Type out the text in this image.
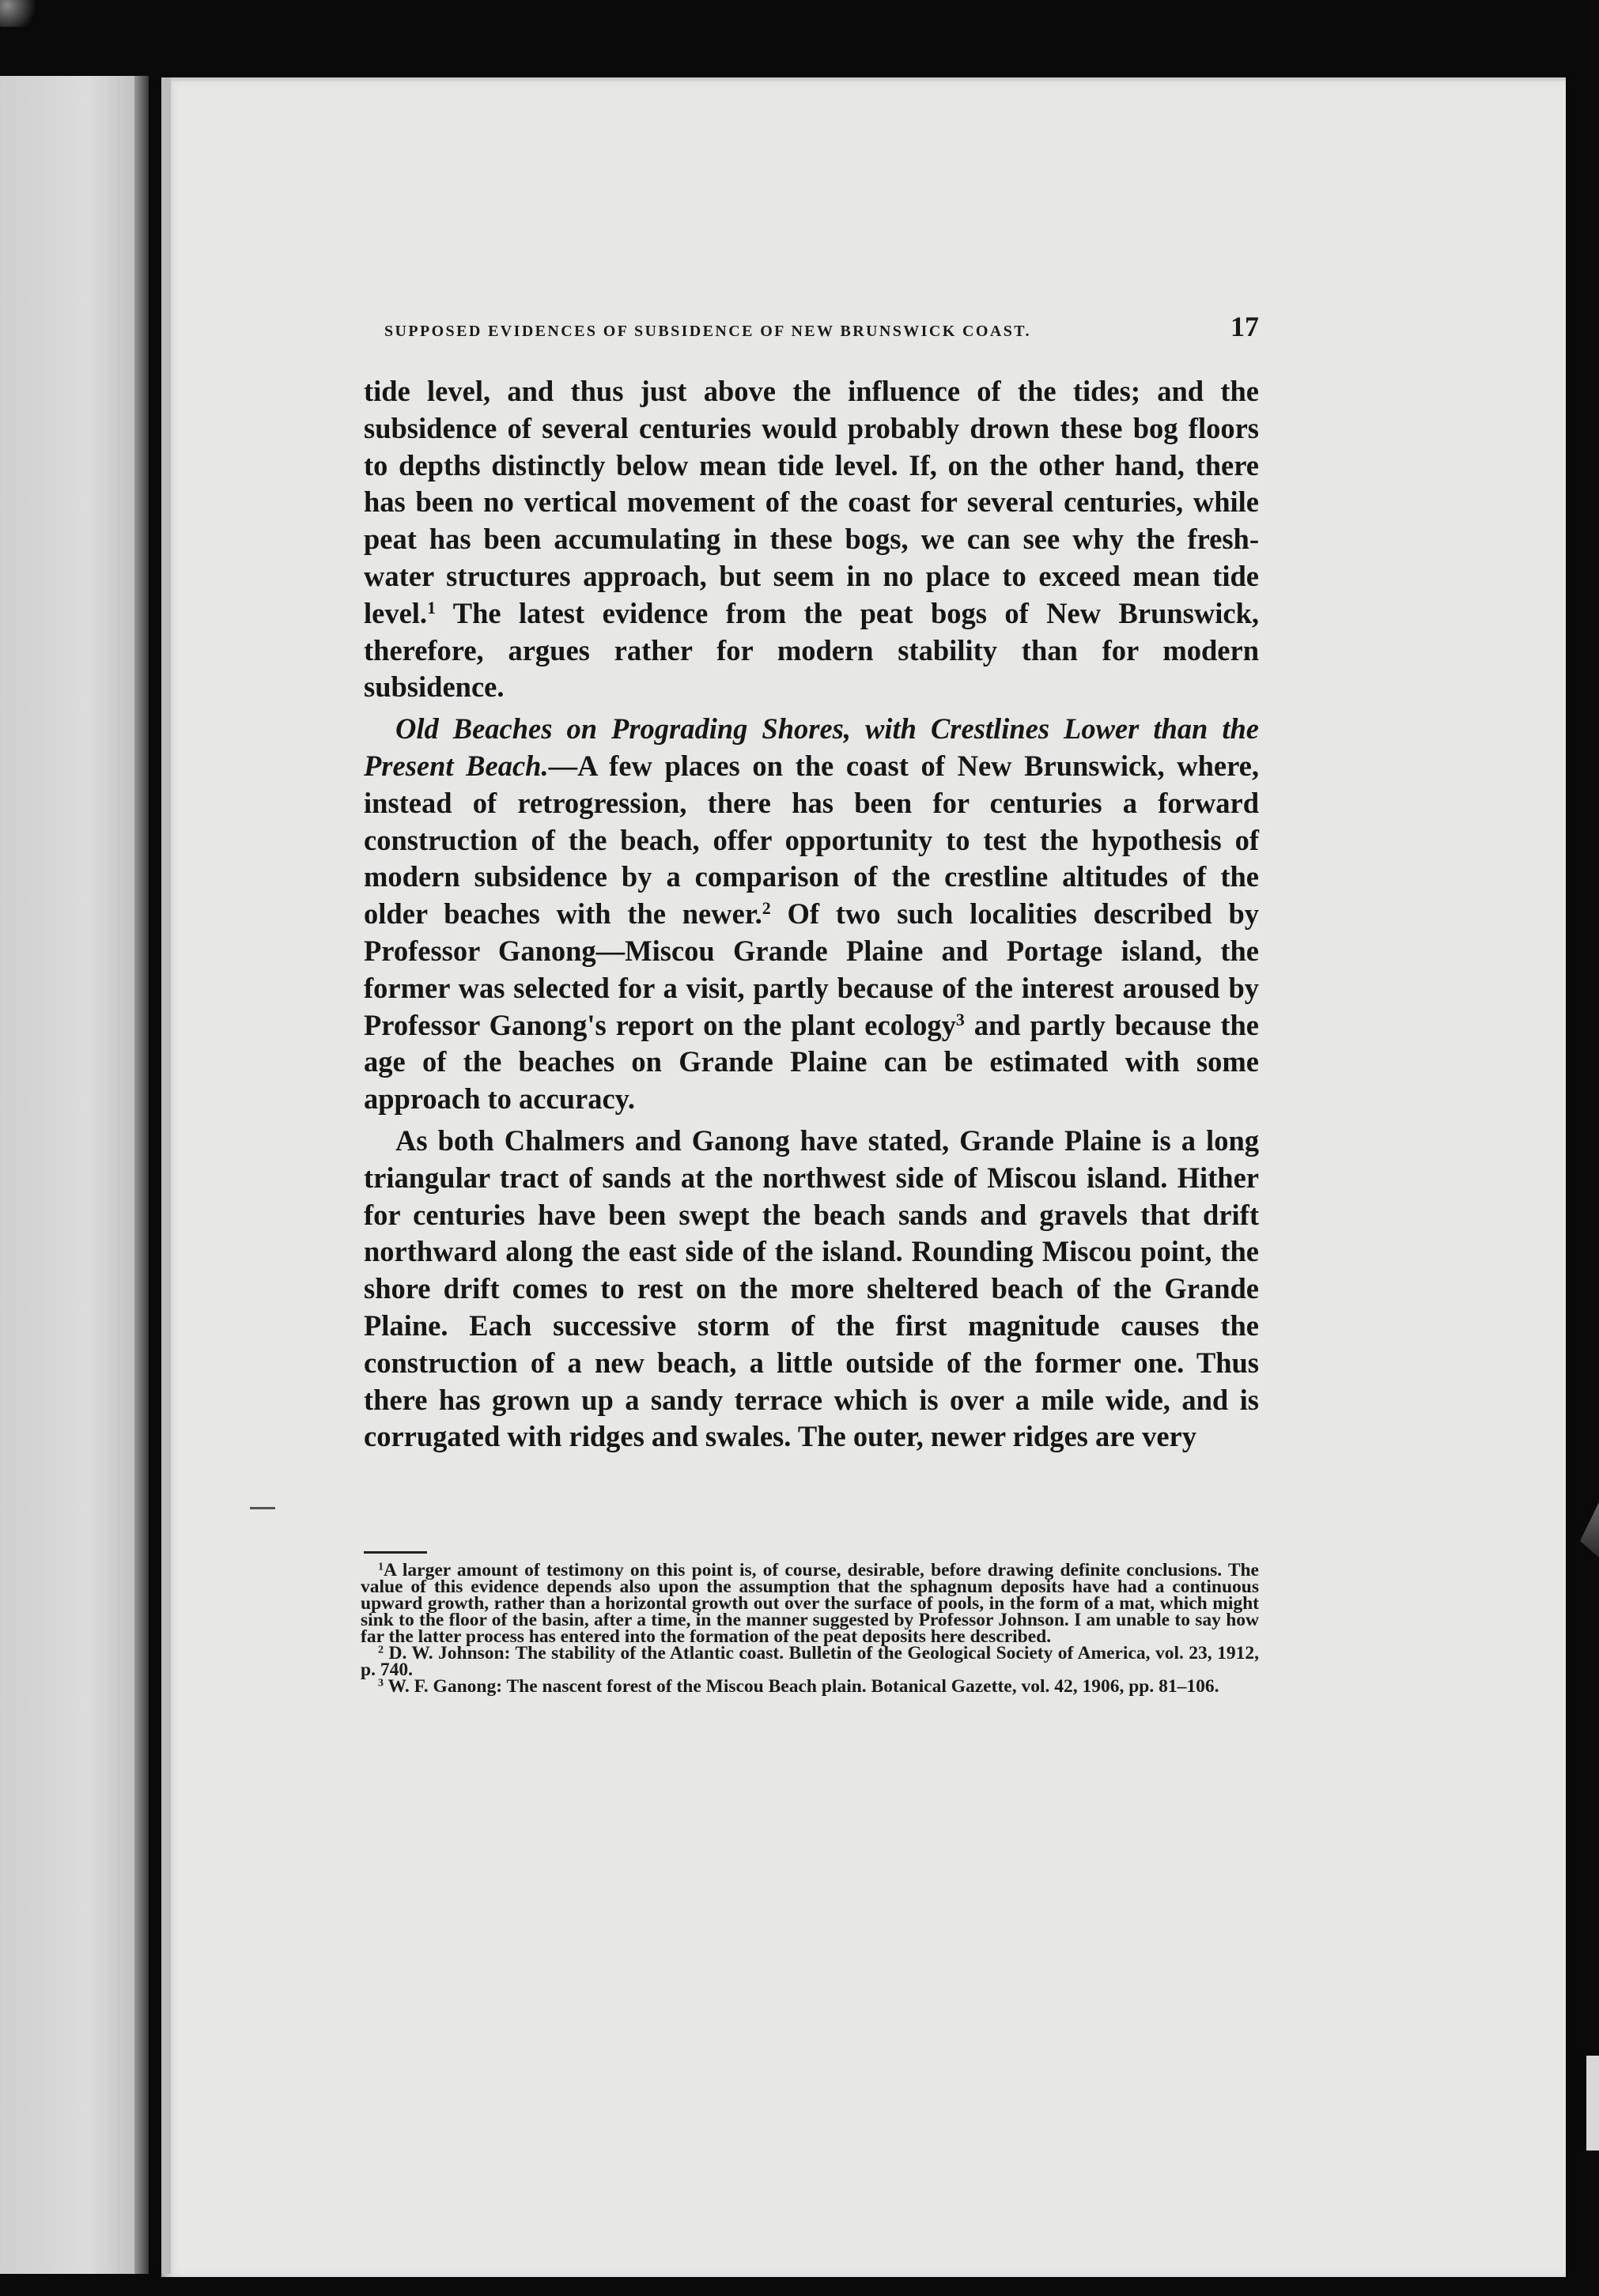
SUPPOSED EVIDENCES OF SUBSIDENCE OF NEW BRUNSWICK COAST.	17

tide level, and thus just above the influence of the tides; and the subsidence of several centuries would probably drown these bog floors to depths distinctly below mean tide level. If, on the other hand, there has been no vertical movement of the coast for several centuries, while peat has been accumulating in these bogs, we can see why the fresh-water structures approach, but seem in no place to exceed mean tide level.$^1$ The latest evidence from the peat bogs of New Brunswick, therefore, argues rather for modern stability than for modern subsidence.

Old Beaches on Prograding Shores, with Crestlines Lower than the Present Beach.—A few places on the coast of New Brunswick, where, instead of retrogression, there has been for centuries a forward construction of the beach, offer opportunity to test the hypothesis of modern subsidence by a comparison of the crestline altitudes of the older beaches with the newer.$^2$ Of two such localities described by Professor Ganong—Miscou Grande Plaine and Portage island, the former was selected for a visit, partly because of the interest aroused by Professor Ganong's report on the plant ecology$^3$ and partly because the age of the beaches on Grande Plaine can be estimated with some approach to accuracy.

As both Chalmers and Ganong have stated, Grande Plaine is a long triangular tract of sands at the northwest side of Miscou island. Hither for centuries have been swept the beach sands and gravels that drift northward along the east side of the island. Rounding Miscou point, the shore drift comes to rest on the more sheltered beach of the Grande Plaine. Each successive storm of the first magnitude causes the construction of a new beach, a little outside of the former one. Thus there has grown up a sandy terrace which is over a mile wide, and is corrugated with ridges and swales. The outer, newer ridges are very

$^1$A larger amount of testimony on this point is, of course, desirable, before drawing definite conclusions. The value of this evidence depends also upon the assumption that the sphagnum deposits have had a continuous upward growth, rather than a horizontal growth out over the surface of pools, in the form of a mat, which might sink to the floor of the basin, after a time, in the manner suggested by Professor Johnson. I am unable to say how far the latter process has entered into the formation of the peat deposits here described.

$^2$ D. W. Johnson: The stability of the Atlantic coast. Bulletin of the Geological Society of America, vol. 23, 1912, p. 740.

$^3$ W. F. Ganong: The nascent forest of the Miscou Beach plain. Botanical Gazette, vol. 42, 1906, pp. 81–106.
